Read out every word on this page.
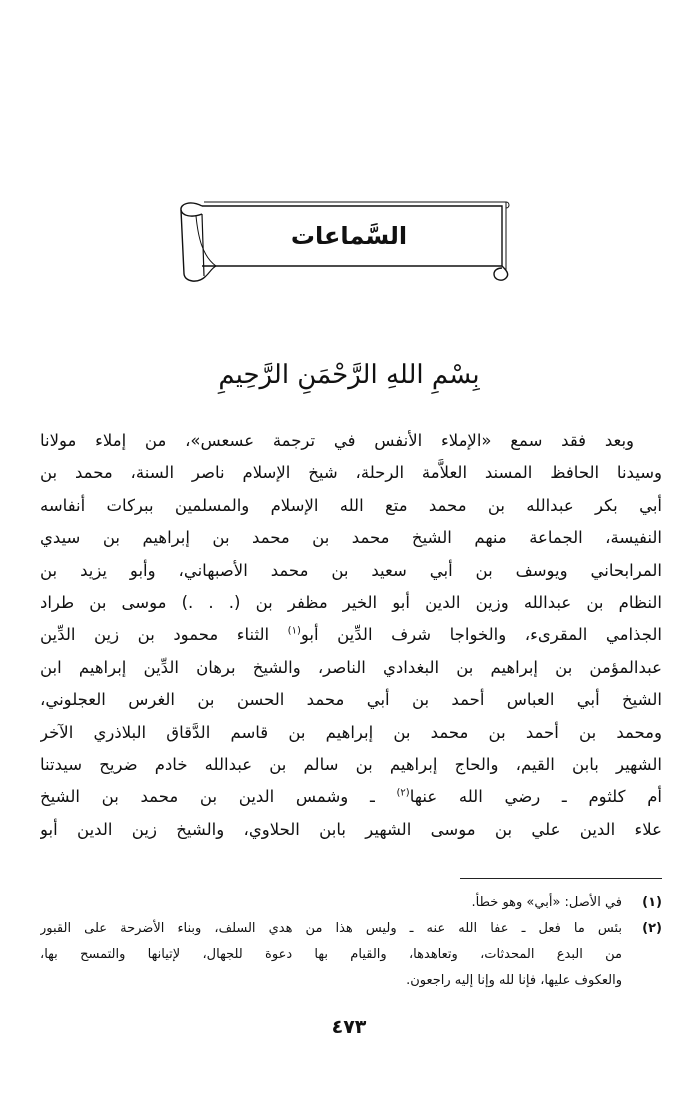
السَّماعات
بِسْمِ اللهِ الرَّحْمَنِ الرَّحِيمِ
وبعد فقد سمع «الإملاء الأنفس في ترجمة عسعس»، من إملاء مولانا
وسيدنا الحافظ المسند العلاَّمة الرحلة، شيخ الإسلام ناصر السنة، محمد بن
أبي بكر عبدالله بن محمد متع الله الإسلام والمسلمين ببركات أنفاسه
النفيسة، الجماعة منهم الشيخ محمد بن محمد بن إبراهيم بن سيدي
المرابحاني ويوسف بن أبي سعيد بن محمد الأصبهاني، وأبو يزيد بن
النظام بن عبدالله وزين الدين أبو الخير مظفر بن (. . .) موسى بن طراد
الجذامي المقرىء، والخواجا شرف الدِّين أبو$^{(١)}$ الثناء محمود بن زين الدِّين
عبدالمؤمن بن إبراهيم بن البغدادي الناصر، والشيخ برهان الدِّين إبراهيم ابن
الشيخ أبي العباس أحمد بن أبي محمد الحسن بن الغرس العجلوني،
ومحمد بن أحمد بن محمد بن إبراهيم بن قاسم الدَّقاق البلاذري الآخر
الشهير بابن القيم، والحاج إبراهيم بن سالم بن عبدالله خادم ضريح سيدتنا
أم كلثوم ـ رضي الله عنها$^{(٢)}$ ـ وشمس الدين بن محمد بن الشيخ
علاء الدين علي بن موسى الشهير بابن الحلاوي، والشيخ زين الدين أبو
(١)
في الأصل: «أبي» وهو خطأ.
(٢)
بئس ما فعل ـ عفا الله عنه ـ وليس هذا من هدي السلف، وبناء الأضرحة على القبور
من البدع المحدثات، وتعاهدها، والقيام بها دعوة للجهال، لإتيانها والتمسح بها،
والعكوف عليها، فإنا لله وإنا إليه راجعون.
٤٧٣
